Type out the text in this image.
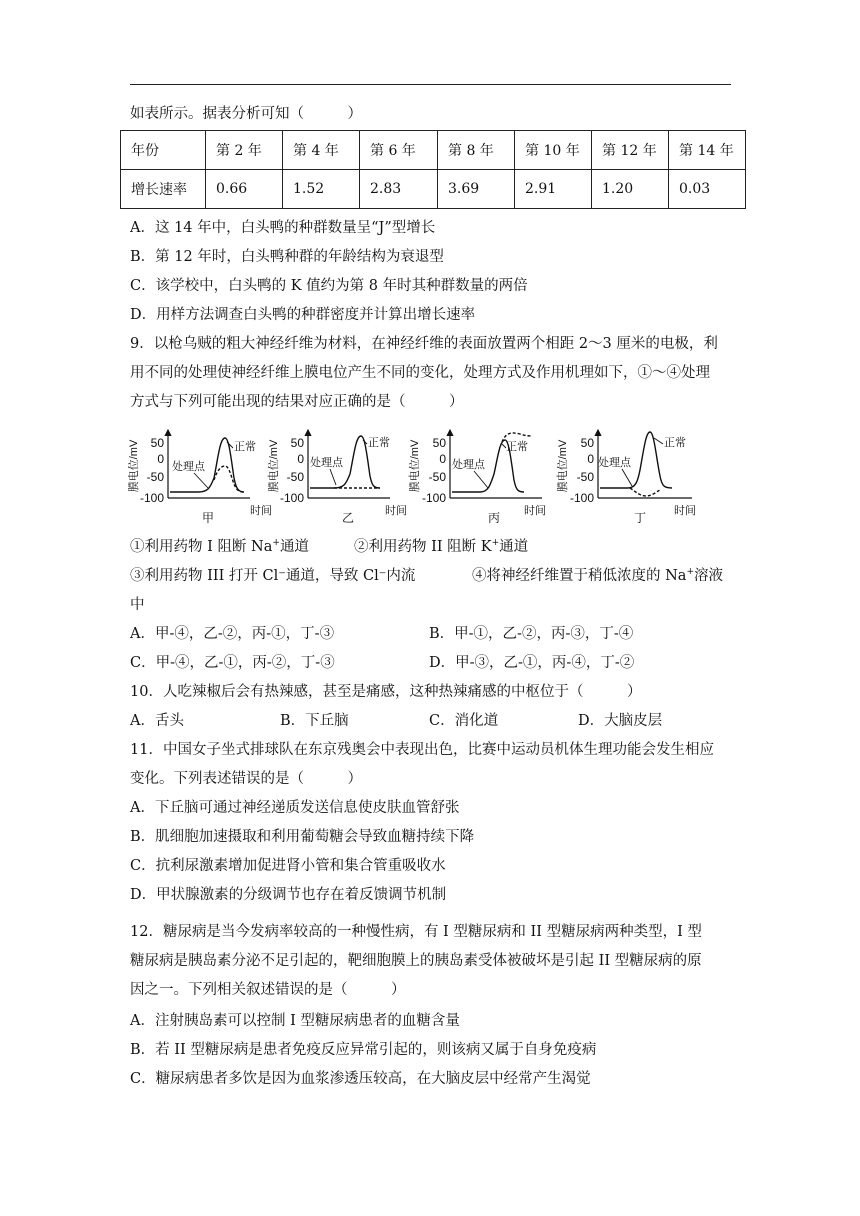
如表所示。据表分析可知（　　　）
年份	第 2 年	第 4 年	第 6 年	第 8 年	第 10 年	第 12 年	第 14 年
增长速率	0.66	1.52	2.83	3.69	2.91	1.20	0.03
A．这 14 年中，白头鸭的种群数量呈“J”型增长
B．第 12 年时，白头鸭种群的年龄结构为衰退型
C．该学校中，白头鸭的 K 值约为第 8 年时其种群数量的两倍
D．用样方法调查白头鸭的种群密度并计算出增长速率
9．以枪乌贼的粗大神经纤维为材料，在神经纤维的表面放置两个相距 2～3 厘米的电极，利
用不同的处理使神经纤维上膜电位产生不同的变化，处理方式及作用机理如下，①～④处理
方式与下列可能出现的结果对应正确的是（　　　）
膜电位/mV 50
0
-50
-100
处理点
正常
甲	时间
膜电位/mV 50
0
-50
-100
处理点
正常
乙	时间
膜电位/mV 50
0
-50
-100
处理点
正常
丙 时间
膜电位/mV 50
0
-50
-100
处理点
正常
丁	时间
①利用药物 I 阻断 Na+通道	②利用药物 II 阻断 K+通道
③利用药物 III 打开 Cl⁻通道，导致 Cl⁻内流	④将神经纤维置于稍低浓度的 Na+溶液
中
A．甲-④，乙-②，丙-①，丁-③	B．甲-①，乙-②，丙-③，丁-④
C．甲-④，乙-①，丙-②，丁-③	D．甲-③，乙-①，丙-④，丁-②
10．人吃辣椒后会有热辣感，甚至是痛感，这种热辣痛感的中枢位于（　　　）
A．舌头	B．下丘脑	C．消化道	D．大脑皮层
11．中国女子坐式排球队在东京残奥会中表现出色，比赛中运动员机体生理功能会发生相应
变化。下列表述错误的是（　　　）
A．下丘脑可通过神经递质发送信息使皮肤血管舒张
B．肌细胞加速摄取和利用葡萄糖会导致血糖持续下降
C．抗利尿激素增加促进肾小管和集合管重吸收水
D．甲状腺激素的分级调节也存在着反馈调节机制
12．糖尿病是当今发病率较高的一种慢性病，有 I 型糖尿病和 II 型糖尿病两种类型，I 型
糖尿病是胰岛素分泌不足引起的，靶细胞膜上的胰岛素受体被破坏是引起 II 型糖尿病的原
因之一。下列相关叙述错误的是（　　　）
A．注射胰岛素可以控制 I 型糖尿病患者的血糖含量
B．若 II 型糖尿病是患者免疫反应异常引起的，则该病又属于自身免疫病
C．糖尿病患者多饮是因为血浆渗透压较高，在大脑皮层中经常产生渴觉
